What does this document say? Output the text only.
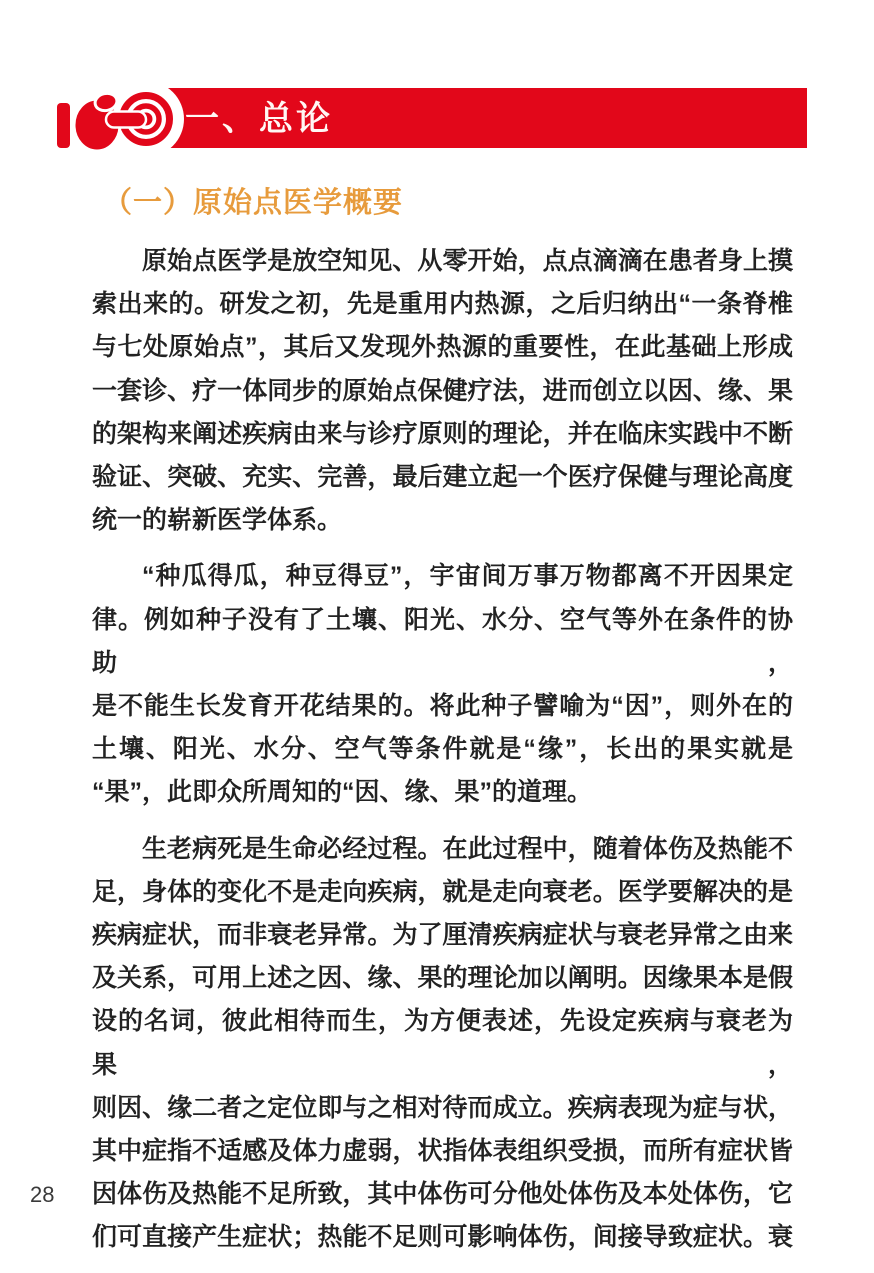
一、总论
（一）原始点医学概要
原始点医学是放空知见、从零开始，点点滴滴在患者身上摸
索出来的。研发之初，先是重用内热源，之后归纳出“一条脊椎
与七处原始点”，其后又发现外热源的重要性，在此基础上形成
一套诊、疗一体同步的原始点保健疗法，进而创立以因、缘、果
的架构来阐述疾病由来与诊疗原则的理论，并在临床实践中不断
验证、突破、充实、完善，最后建立起一个医疗保健与理论高度
统一的崭新医学体系。
“种瓜得瓜，种豆得豆”，宇宙间万事万物都离不开因果定
律。例如种子没有了土壤、阳光、水分、空气等外在条件的协助，
是不能生长发育开花结果的。将此种子譬喻为“因”，则外在的
土壤、阳光、水分、空气等条件就是“缘”，长出的果实就是
“果”，此即众所周知的“因、缘、果”的道理。
生老病死是生命必经过程。在此过程中，随着体伤及热能不
足，身体的变化不是走向疾病，就是走向衰老。医学要解决的是
疾病症状，而非衰老异常。为了厘清疾病症状与衰老异常之由来
及关系，可用上述之因、缘、果的理论加以阐明。因缘果本是假
设的名词，彼此相待而生，为方便表述，先设定疾病与衰老为果，
则因、缘二者之定位即与之相对待而成立。疾病表现为症与状，
其中症指不适感及体力虚弱，状指体表组织受损，而所有症状皆
因体伤及热能不足所致，其中体伤可分他处体伤及本处体伤，它
们可直接产生症状；热能不足则可影响体伤，间接导致症状。衰
28
